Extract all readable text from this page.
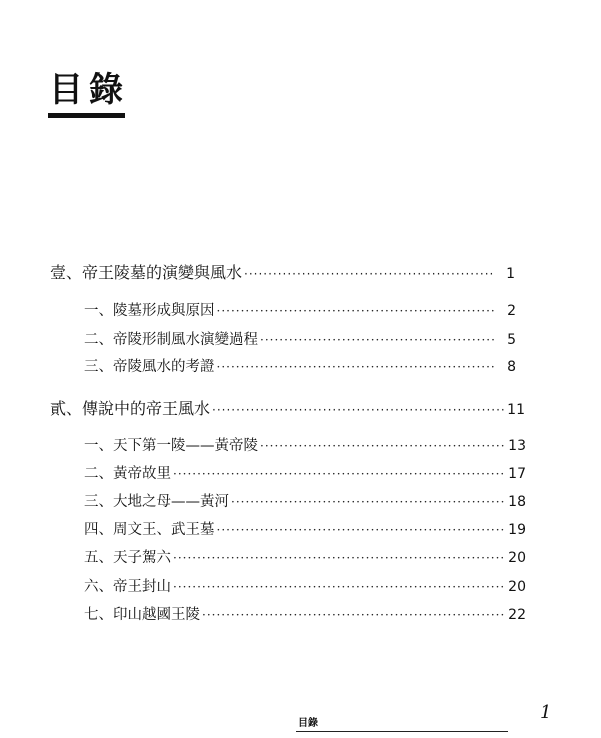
目錄
壹、帝王陵墓的演變與風水 ·····	1
一、陵墓形成與原因 ·····	2
二、帝陵形制風水演變過程 ·····	5
三、帝陵風水的考證 ·····	8
貳、傳說中的帝王風水 ·····	11
一、天下第一陵——黃帝陵 ·····	13
二、黃帝故里 ·····	17
三、大地之母——黃河 ·····	18
四、周文王、武王墓 ·····	19
五、天子駕六 ·····	20
六、帝王封山 ·····	20
七、印山越國王陵 ·····	22
目錄
1
